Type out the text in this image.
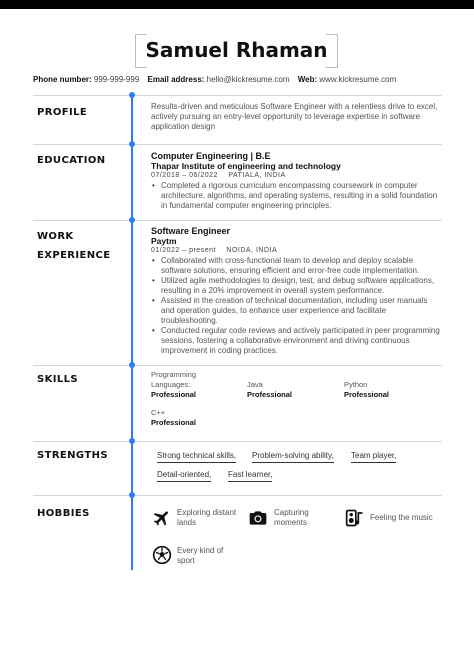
Samuel Rhaman
Phone number: 999-999-999 Email address: hello@kickresume.com Web: www.kickresume.com
PROFILE
Results-driven and meticulous Software Engineer with a relentless drive to excel, actively pursuing an entry-level opportunity to leverage expertise in software application design
EDUCATION	Computer Engineering | B.E
Thapar Institute of engineering and technology
07/2018 – 06/2022 PATIALA, INDIA
• Completed a rigorous curriculum encompassing coursework in computer architecture, algorithms, and operating systems, resulting in a solid foundation in fundamental computer engineering principles.
WORK
EXPERIENCE
Software Engineer
Paytm
01/2022 – present NOIDA, INDIA
• Collaborated with cross-functional team to develop and deploy scalable software solutions, ensuring efficient and error-free code implementation.
• Utilized agile methodologies to design, test, and debug software applications, resulting in a 20% improvement in overall system performance.
• Assisted in the creation of technical documentation, including user manuals and operation guides, to enhance user experience and facilitate troubleshooting.
• Conducted regular code reviews and actively participated in peer programming sessions, fostering a collaborative environment and driving continuous improvement in coding practices.
SKILLS	Programming Languages:
Professional
Java
Professional
Python
Professional
C++
Professional
STRENGTHS	Strong technical skills, Problem-solving ability, Team player,
Detail-oriented, Fast learner,
HOBBIES	Exploring distant lands
Capturing moments
Feeling the music
Every kind of sport
